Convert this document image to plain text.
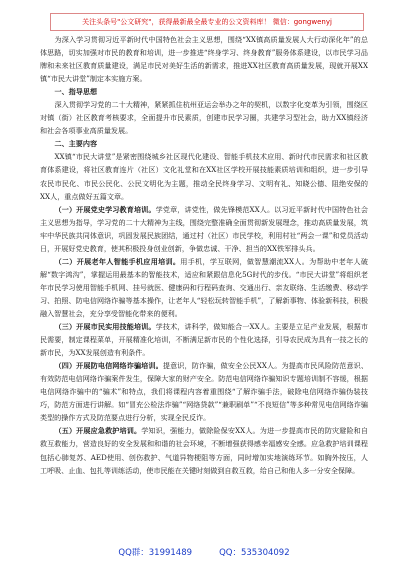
关注头条号"公文研究"，获得最新最全最专业的公文资料库！ 微信：gongwenyj

为深入学习贯彻习近平新时代中国特色社会主义思想，围绕“XX镇高质量发展人大行动深化年”的总体思路，切实加强对市民的教育和培训，进一步推进“终身学习、终身教育”服务体系建设，以市民学习品牌和未来社区教育质量建设，满足市民对美好生活的新需求，推进XX社区教育高质量发展，现就开展XX镇“市民大讲堂”制定本实施方案。

一、指导思想

深入贯彻学习党的二十大精神，紧紧抓住杭州亚运会举办之年的契机，以数字化变革为引领，围绕区对镇（街）社区教育考核要求，全面提升市民素质，创建市民学习圈，共建学习型社会，助力XX镇经济和社会各项事业高质量发展。

二、主要内容

XX镇“市民大讲堂”是紧密围绕城乡社区现代化建设、智能手机技术应用、新时代市民需求和社区教育体系建设，将社区教育连片（社区）文化礼堂和在XX社区学校开展技能素质培训和组织，进一步引导农民市民化、市民公民化、公民文明化为主题，推动全民终身学习、文明有礼、知晓公德、阻绝安保的XX人，重点做好五篇文章。

（一）开展党史学习教育培训。学党章，讲党性，做先锋模范XX人。以习近平新时代中国特色社会主义思想为指导，学习党的二十大精神为主线，围绕完整准确全面贯彻新发展理念，推动高质量发展，筑牢中华民族共同体意识，巩固发展民族团结，通过村（社区）市民学校，利用村社“两会一课”和党员活动日，开展好党史教育，使其积极投身创业创新，争做忠诚、干净、担当的XX铁军排头兵。

（二）开展老年人智能手机应用培训。用手机，学互联网，做智慧潮流XX人。为帮助中老年人破解“数字鸿沟”，掌握运用最基本的智能技术，适应和紧跟信息化5G时代的步伐。“市民大讲堂”将组织老年市民学习使用智能手机网、挂号就医、健康码和行程码查询、交通出行、亲友联络、生活缴费、移动学习、拍照、防电信网络诈骗等基本操作，让老年人“轻松玩转智能手机”，了解新事物、体验新科技，积极融入智慧社会，充分享受智能化带来的便利。

（三）开展市民实用技能培训。学技术，讲科学，做知能合一XX人。主要是立足产业发展，根据市民需要，制定课程菜单，开展精准化培训，不断满足新市民的个性化选择，引导农民成为具有一技之长的新市民，为XX发展创造有利条件。

（四）开展防电信网络诈骗培训。提意识，防诈骗，做安全公民XX人。为提高市民风险防范意识、有效防范电信网络诈骗案件发生，保障大家的财产安全。防范电信网络诈骗知识专题培训制不容缓，根据电信网络诈骗中的“骗术”和特点，我们将课程内容着重围绕“了解诈骗手法，破除电信网络诈骗伪装技巧，防范方面进行讲解。如“冒充公检法诈骗”“网络贷款”“兼职刷单”“不良短信”等多种常见电信网络诈骗类型的操作方式及防范要点进行分析，实现全民反诈。

（五）开展应急救护培训。学知识，强能力，做除险保安XX人。为进一步提高市民的防灾避险和自救互救能力，营造良好的安全发展和和谐的社会环境，不断增强获得感幸福感安全感。应急救护培训课程包括心肺复苏、AED使用、创伤救护、气道异物梗阻等方面，同时增加实地演练环节。如胸外按压，人工呼吸、止血、包扎等训练活动，使市民能在关键时刻做到自救互救，给自己和他人多一分安全保障。

QQ群：31991489	QQ：535304092
